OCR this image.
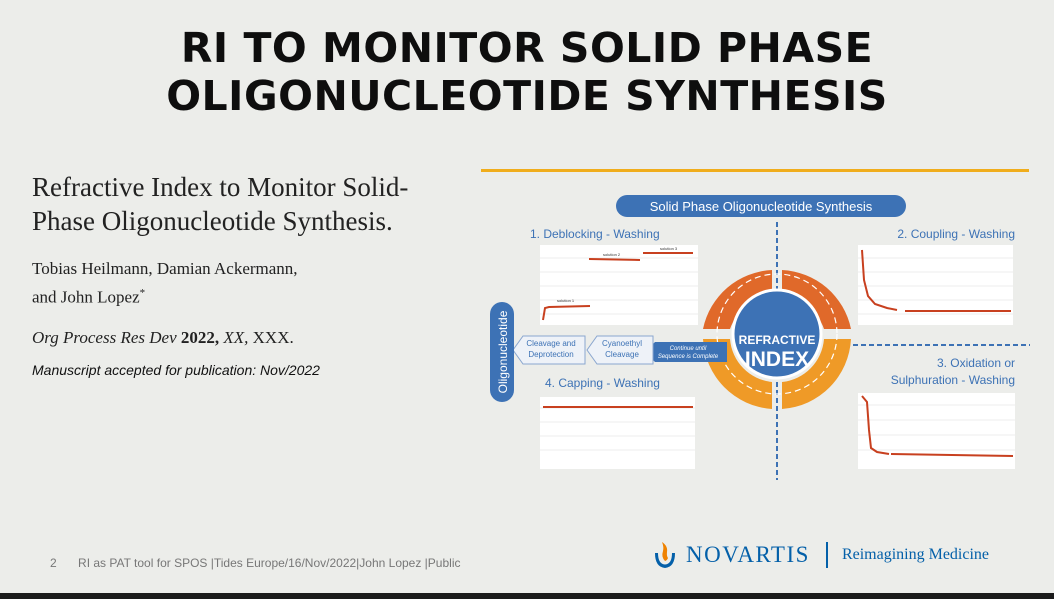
RI TO MONITOR SOLID PHASE
OLIGONUCLEOTIDE SYNTHESIS
Refractive Index to Monitor Solid-Phase Oligonucleotide Synthesis.
Tobias Heilmann, Damian Ackermann,
and John Lopez*
Org Process Res Dev 2022, XX, XXX.
Manuscript accepted for publication: Nov/2022
Solid Phase Oligonucleotide Synthesis
1. Deblocking - Washing	2. Coupling - Washing
3. Oxidation or
Sulphuration - Washing
4. Capping - Washing
solution 1
solution 2
solution 3
REFRACTIVE
INDEX
Continue until
Sequence is Complete
Cyanoethyl
Cleavage
Cleavage and
Deprotection
Oligonucleotide
2 RI as PAT tool for SPOS |Tides Europe/16/Nov/2022|John Lopez |Public	NOVARTIS Reimagining Medicine
